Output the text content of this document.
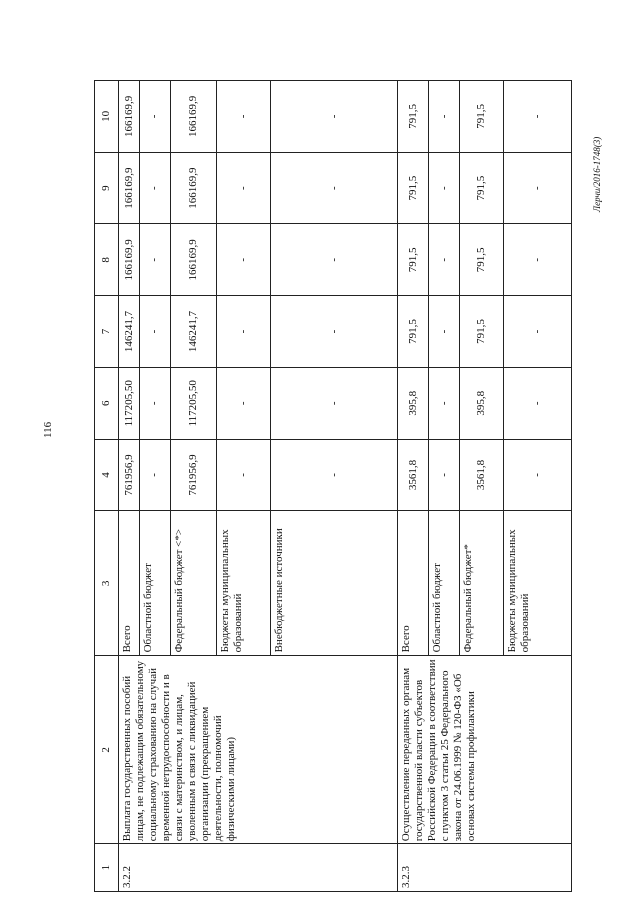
116
Лерчи/2016-1748(3)
1	2	3	4	6	7	8	9	10
3.2.2	Выплата государственных пособий лицам, не подлежащим обязательному социальному страхованию на случай временной нетрудоспособности и в связи с материнством, и лицам, уволенным в связи с ликвидацией организации (прекращением деятельности, полномочий физическими лицами)	Всего	761956,9	117205,50	146241,7	166169,9	166169,9	166169,9
		Областной бюджет	-	-	-	-	-	-
		Федеральный бюджет <*>	761956,9	117205,50	146241,7	166169,9	166169,9	166169,9
		Бюджеты муниципальных образований	-	-	-	-	-	-
		Внебюджетные источники	-	-	-	-	-	-
3.2.3	Осуществление переданных органам государственной власти субъектов Российской Федерации в соответствии с пунктом 3 статьи 25 Федерального закона от 24.06.1999 № 120-ФЗ «Об основах системы профилактики	Всего	3561,8	395,8	791,5	791,5	791,5	791,5
		Областной бюджет	-	-	-	-	-	-
		Федеральный бюджет*	3561,8	395,8	791,5	791,5	791,5	791,5
		Бюджеты муниципальных образований	-	-	-	-	-	-
